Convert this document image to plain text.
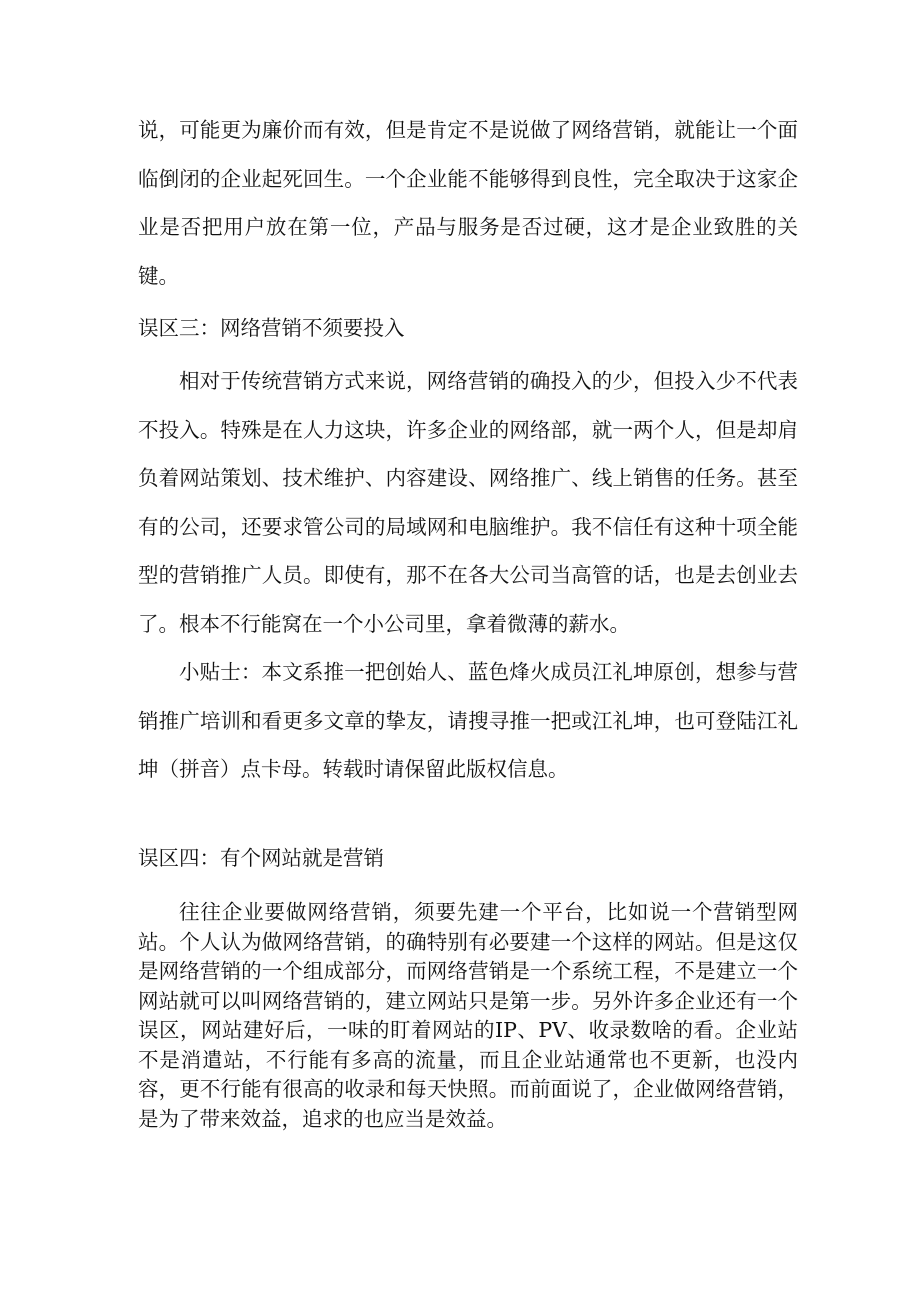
说，可能更为廉价而有效，但是肯定不是说做了网络营销，就能让一个面临倒闭的企业起死回生。一个企业能不能够得到良性，完全取决于这家企业是否把用户放在第一位，产品与服务是否过硬，这才是企业致胜的关键。

误区三：网络营销不须要投入

相对于传统营销方式来说，网络营销的确投入的少，但投入少不代表不投入。特殊是在人力这块，许多企业的网络部，就一两个人，但是却肩负着网站策划、技术维护、内容建设、网络推广、线上销售的任务。甚至有的公司，还要求管公司的局域网和电脑维护。我不信任有这种十项全能型的营销推广人员。即使有，那不在各大公司当高管的话，也是去创业去了。根本不行能窝在一个小公司里，拿着微薄的薪水。

小贴士：本文系推一把创始人、蓝色烽火成员江礼坤原创，想参与营销推广培训和看更多文章的挚友，请搜寻推一把或江礼坤，也可登陆江礼坤（拼音）点卡母。转载时请保留此版权信息。

误区四：有个网站就是营销

往往企业要做网络营销，须要先建一个平台，比如说一个营销型网站。个人认为做网络营销，的确特别有必要建一个这样的网站。但是这仅是网络营销的一个组成部分，而网络营销是一个系统工程，不是建立一个网站就可以叫网络营销的，建立网站只是第一步。另外许多企业还有一个误区，网站建好后，一味的盯着网站的IP、PV、收录数啥的看。企业站不是消遣站，不行能有多高的流量，而且企业站通常也不更新，也没内容，更不行能有很高的收录和每天快照。而前面说了，企业做网络营销，是为了带来效益，追求的也应当是效益。
